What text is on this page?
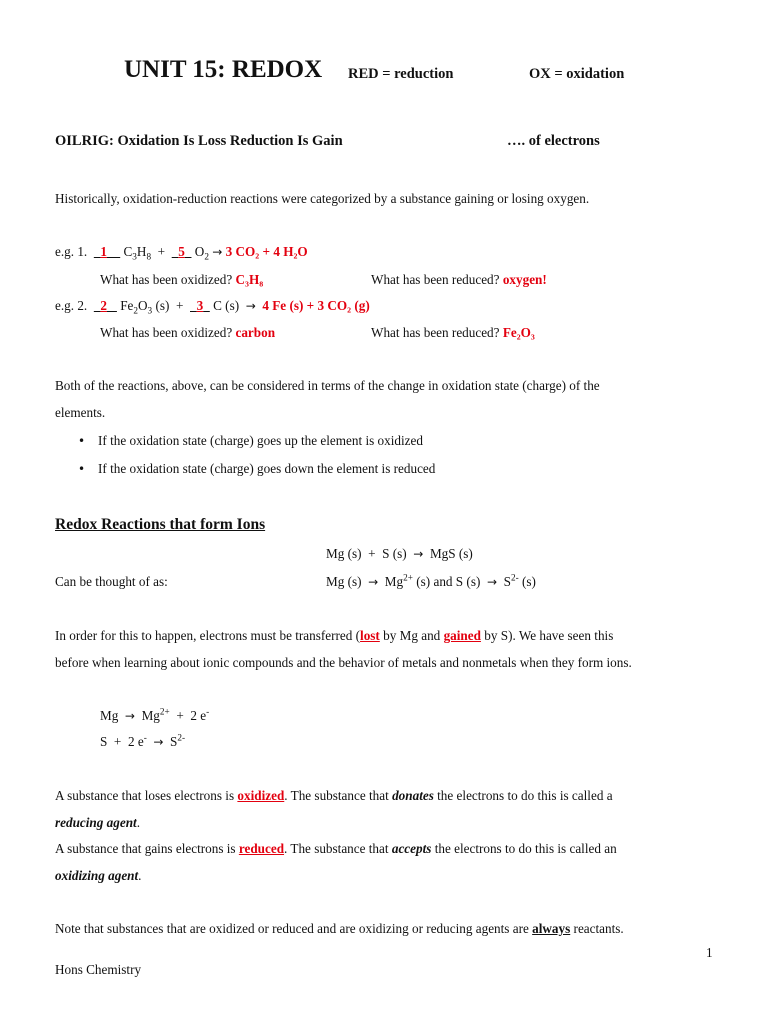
UNIT 15: REDOX RED = reduction	OX = oxidation
OILRIG: Oxidation Is Loss Reduction Is Gain	…. of electrons
Historically, oxidation-reduction reactions were categorized by a substance gaining or losing oxygen.
e.g. 1. 1     $C_3H_8$  +    5   $O_2 \to 3$ CO₂ + 4 H₂O
What has been oxidized? C₃H₈	What has been reduced? oxygen!
e.g. 2. 2    $Fe_2O_3$ (s)  +    3   C (s)  → 4 Fe (s) + 3 CO₂ (g)
What has been oxidized? carbon	What has been reduced? Fe₂O₃
Both of the reactions, above, can be considered in terms of the change in oxidation state (charge) of the
elements.
• If the oxidation state (charge) goes up the element is oxidized
• If the oxidation state (charge) goes down the element is reduced
Redox Reactions that form Ions
Mg (s)  +  S (s)  →  MgS (s)
Can be thought of as:	Mg $(s) \to Mg^{2+}$ (s) and S $(s) \to S^{2-}$ (s)
In order for this to happen, electrons must be transferred (lost by Mg and gained by S). We have seen this
before when learning about ionic compounds and the behavior of metals and nonmetals when they form ions.
$Mg \to Mg^{2+} + 2$ e-
S  +  2 $e^- \to S^{2-}$
A substance that loses electrons is oxidized. The substance that donates the electrons to do this is called a
reducing agent.
A substance that gains electrons is reduced. The substance that accepts the electrons to do this is called an
oxidizing agent.
Note that substances that are oxidized or reduced and are oxidizing or reducing agents are always reactants.
1
Hons Chemistry
